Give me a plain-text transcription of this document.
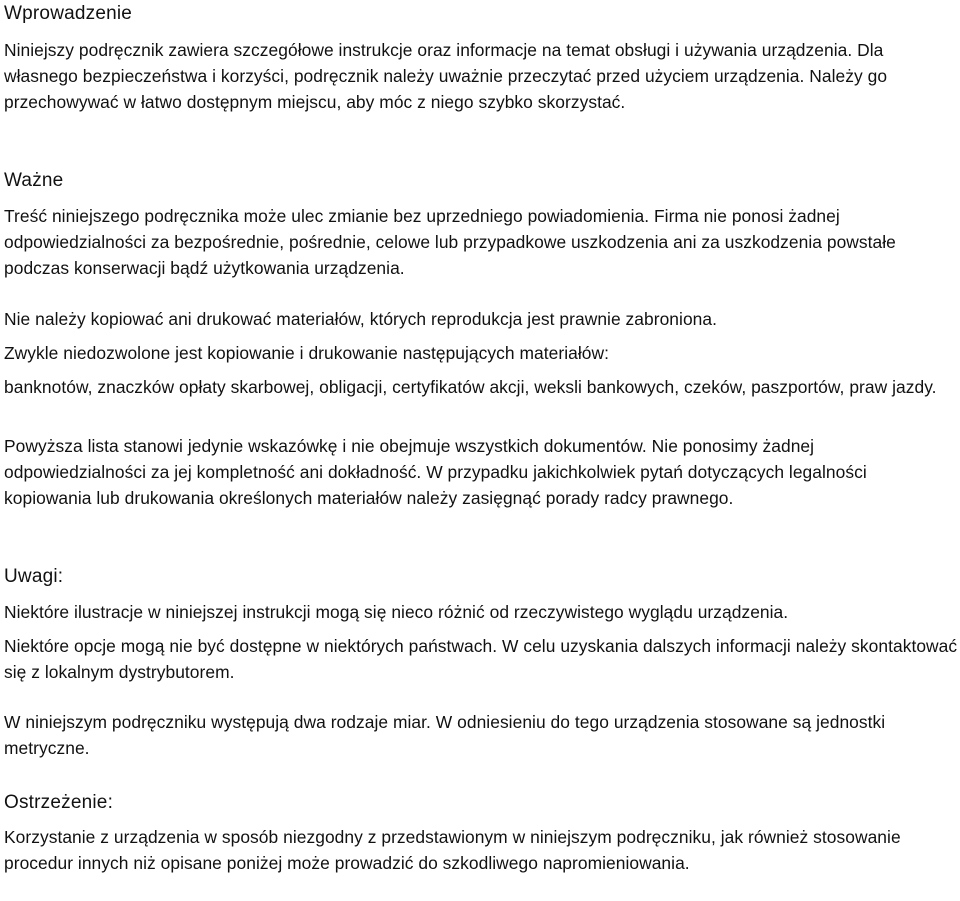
Wprowadzenie

Niniejszy podręcznik zawiera szczegółowe instrukcje oraz informacje na temat obsługi i używania urządzenia. Dla własnego bezpieczeństwa i korzyści, podręcznik należy uważnie przeczytać przed użyciem urządzenia. Należy go przechowywać w łatwo dostępnym miejscu, aby móc z niego szybko skorzystać.

Ważne

Treść niniejszego podręcznika może ulec zmianie bez uprzedniego powiadomienia. Firma nie ponosi żadnej odpowiedzialności za bezpośrednie, pośrednie, celowe lub przypadkowe uszkodzenia ani za uszkodzenia powstałe podczas konserwacji bądź użytkowania urządzenia.

Nie należy kopiować ani drukować materiałów, których reprodukcja jest prawnie zabroniona.

Zwykle niedozwolone jest kopiowanie i drukowanie następujących materiałów:

banknotów, znaczków opłaty skarbowej, obligacji, certyfikatów akcji, weksli bankowych, czeków, paszportów, praw jazdy.

Powyższa lista stanowi jedynie wskazówkę i nie obejmuje wszystkich dokumentów. Nie ponosimy żadnej odpowiedzialności za jej kompletność ani dokładność. W przypadku jakichkolwiek pytań dotyczących legalności kopiowania lub drukowania określonych materiałów należy zasięgnąć porady radcy prawnego.

Uwagi:

Niektóre ilustracje w niniejszej instrukcji mogą się nieco różnić od rzeczywistego wyglądu urządzenia.

Niektóre opcje mogą nie być dostępne w niektórych państwach. W celu uzyskania dalszych informacji należy skontaktować się z lokalnym dystrybutorem.

W niniejszym podręczniku występują dwa rodzaje miar. W odniesieniu do tego urządzenia stosowane są jednostki metryczne.

Ostrzeżenie:

Korzystanie z urządzenia w sposób niezgodny z przedstawionym w niniejszym podręczniku, jak również stosowanie procedur innych niż opisane poniżej może prowadzić do szkodliwego napromieniowania.
